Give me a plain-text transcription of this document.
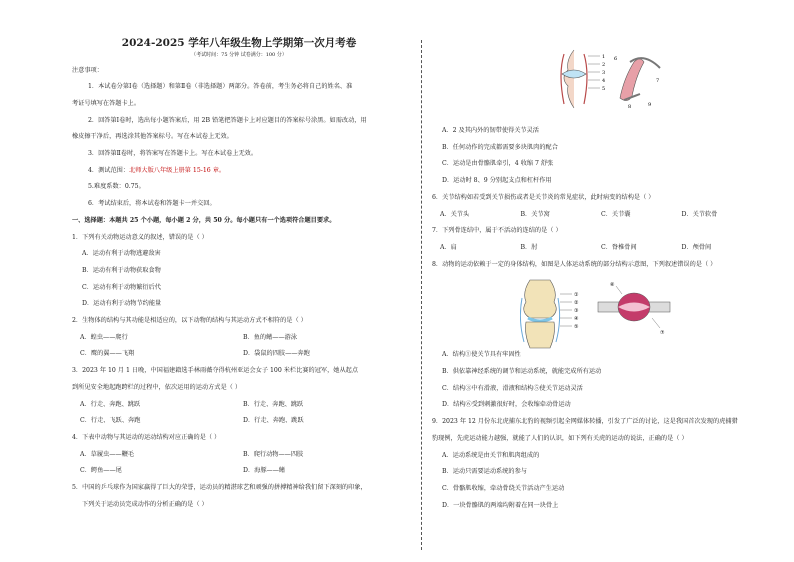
2024-2025 学年八年级生物上学期第一次月考卷
（考试时间：75 分钟 试卷满分：100 分）
注意事项：
1．本试卷分第Ⅰ卷（选择题）和第Ⅱ卷（非选择题）两部分。答卷前，考生务必将自己的姓名、准
考证号填写在答题卡上。
2．回答第Ⅰ卷时，选出每小题答案后，用 2B 铅笔把答题卡上对应题目的答案标号涂黑。如需改动，用
橡皮擦干净后，再选涂其他答案标号。写在本试卷上无效。
3．回答第Ⅱ卷时，将答案写在答题卡上。写在本试卷上无效。
4．测试范围：北师大版八年级上册第 15-16 章。
5.难度系数：0.75。
6．考试结束后，将本试卷和答题卡一并交回。
一、选择题：本题共 25 个小题，每小题 2 分，共 50 分。每小题只有一个选项符合题目要求。
1．下列有关动物运动意义的叙述，错误的是（ ）
A．运动有利于动物逃避敌害
B．运动有利于动物获取食物
C．运动有利于动物繁衍后代
D．运动有利于动物节约能量
2．生物体的结构与其功能是相适应的，以下动物的结构与其运动方式不相符的是（ ）
A．蝗虫——爬行	B．鱼的鳍——游泳
C．鹰的翼——飞翔	D．袋鼠的四肢——奔跑
3．2023 年 10 月 1 日晚，中国福建籍选手林雨薇夺得杭州亚运会女子 100 米栏比赛的冠军，她从起点
到所见安全地起跑跨栏的过程中，依次运用的运动方式是（ ）
A．行走、奔跑、跳跃	B．行走、奔跑、跳跃
C．行走、飞跃、奔跑	D．行走、奔跑、跳跃
4．下表中动物与其运动的运动结构对应正确的是（ ）
A．草履虫——鞭毛	B．爬行动物——四肢
C．鳄鱼——尾	D．海豚——鳍
5．中国的乒乓球作为国家赢得了巨大的荣誉，运动员的精湛球艺和顽强的拼搏精神给我们留下深刻的印象，
下列关于运动员完成动作的分析正确的是（ ）
1
2
3
4
5
6
7
8	9
A．2 及其内外的韧带使得关节灵活
B．任何动作的完成都需要多块肌肉的配合
C．运动是由骨骼肌牵引，4 收缩 7 舒张
D．运动时 8、9 分别起支点和杠杆作用
6．关节结构如若受到关节损伤或者是关节炎的常见症状，此时病变的结构是（ ）
A．关节头	B．关节窝	C．关节囊	D．关节软骨
7．下列骨连结中，属于不活动的连结的是（ ）
A．肩	B．肘	C．脊椎骨间	D．颅骨间
8．动物的运动依赖于一定的身体结构，如图是人体运动系统的部分结构示意图，下列叙述错误的是（ ）
①
②
③
④
⑤
⑥
⑦
A．结构①使关节具有牢固性
B．供依靠神经系统的调节和运动系统，就能完成所有运动
C．结构③中有滑液，滑液和结构⑤使关节运动灵活
D．结构⑥受到刺激很好时，会收缩牵动骨运动
9．2023 年 12 月份东北虎捕东北豹的视频引起全网媒体转播，引发了广泛的讨论，这是我国首次发现的虎捕猎
豹现例，先虎运动能力越强，就能了人们的认识，如下列有关虎的运动的说法，正确的是（ ）
A．运动系统是由关节和肌肉组成的
B．运动只需要运动系统的参与
C．骨骼肌收缩，牵动骨绕关节活动产生运动
D．一块骨骼肌的两端均附着在同一块骨上
